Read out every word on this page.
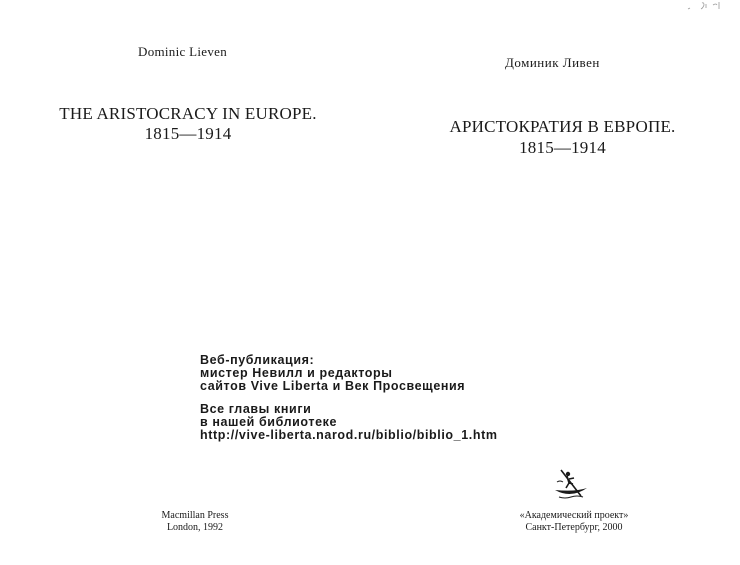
Dominic Lieven
THE ARISTOCRACY IN EUROPE.
1815—1914
Доминик Ливен
АРИСТОКРАТИЯ В ЕВРОПЕ.
1815—1914
Веб-публикация:
мистер Невилл и редакторы
сайтов Vive Liberta и Век Просвещения
Все главы книги
в нашей библиотеке
http://vive-liberta.narod.ru/biblio/biblio_1.htm
Macmillan Press
London, 1992
«Академический проект»
Санкт-Петербург, 2000
